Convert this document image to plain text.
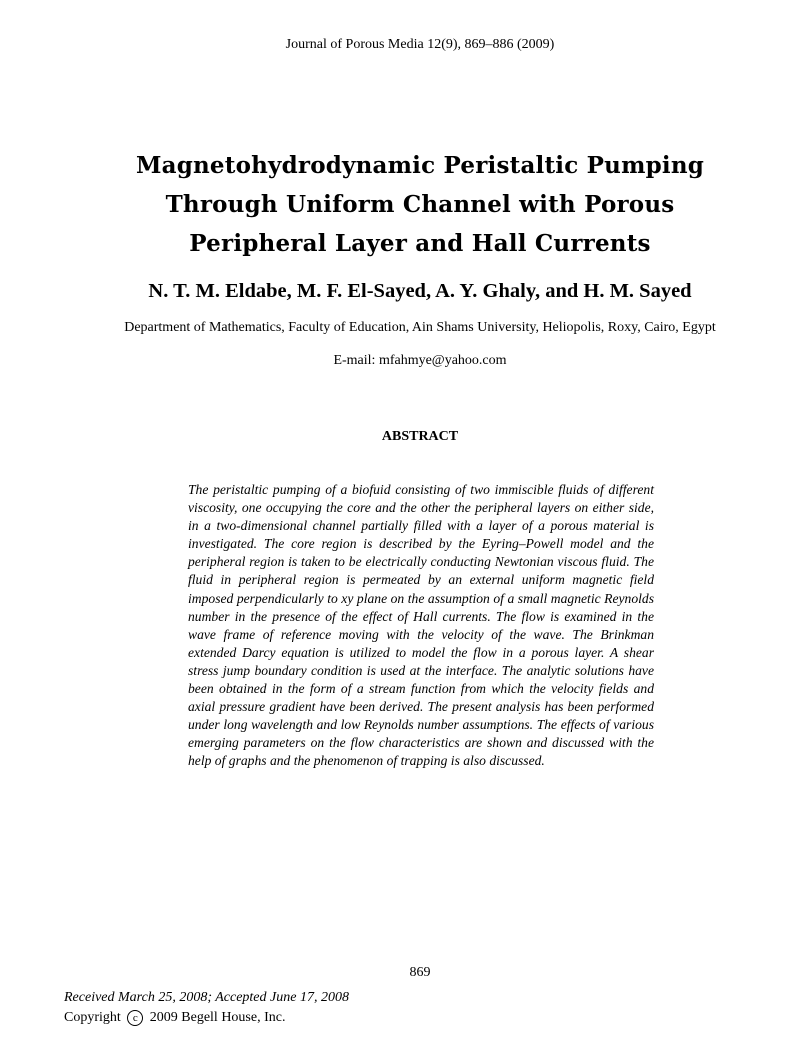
Journal of Porous Media 12(9), 869–886 (2009)
Magnetohydrodynamic Peristaltic Pumping
Through Uniform Channel with Porous
Peripheral Layer and Hall Currents
N. T. M. Eldabe, M. F. El-Sayed, A. Y. Ghaly, and H. M. Sayed
Department of Mathematics, Faculty of Education, Ain Shams University, Heliopolis, Roxy, Cairo, Egypt
E-mail: mfahmye@yahoo.com
ABSTRACT
The peristaltic pumping of a biofuid consisting of two immiscible fluids of different viscosity, one occupying the core and the other the peripheral layers on either side, in a two-dimensional channel partially filled with a layer of a porous material is investigated. The core region is described by the Eyring–Powell model and the peripheral region is taken to be electrically conducting Newtonian viscous fluid. The fluid in peripheral region is permeated by an external uniform magnetic field imposed perpendicularly to xy plane on the assumption of a small magnetic Reynolds number in the presence of the effect of Hall currents. The flow is examined in the wave frame of reference moving with the velocity of the wave. The Brinkman extended Darcy equation is utilized to model the flow in a porous layer. A shear stress jump boundary condition is used at the interface. The analytic solutions have been obtained in the form of a stream function from which the velocity fields and axial pressure gradient have been derived. The present analysis has been performed under long wavelength and low Reynolds number assumptions. The effects of various emerging parameters on the flow characteristics are shown and discussed with the help of graphs and the phenomenon of trapping is also discussed.
869
Received March 25, 2008; Accepted June 17, 2008
Copyright c 2009 Begell House, Inc.
